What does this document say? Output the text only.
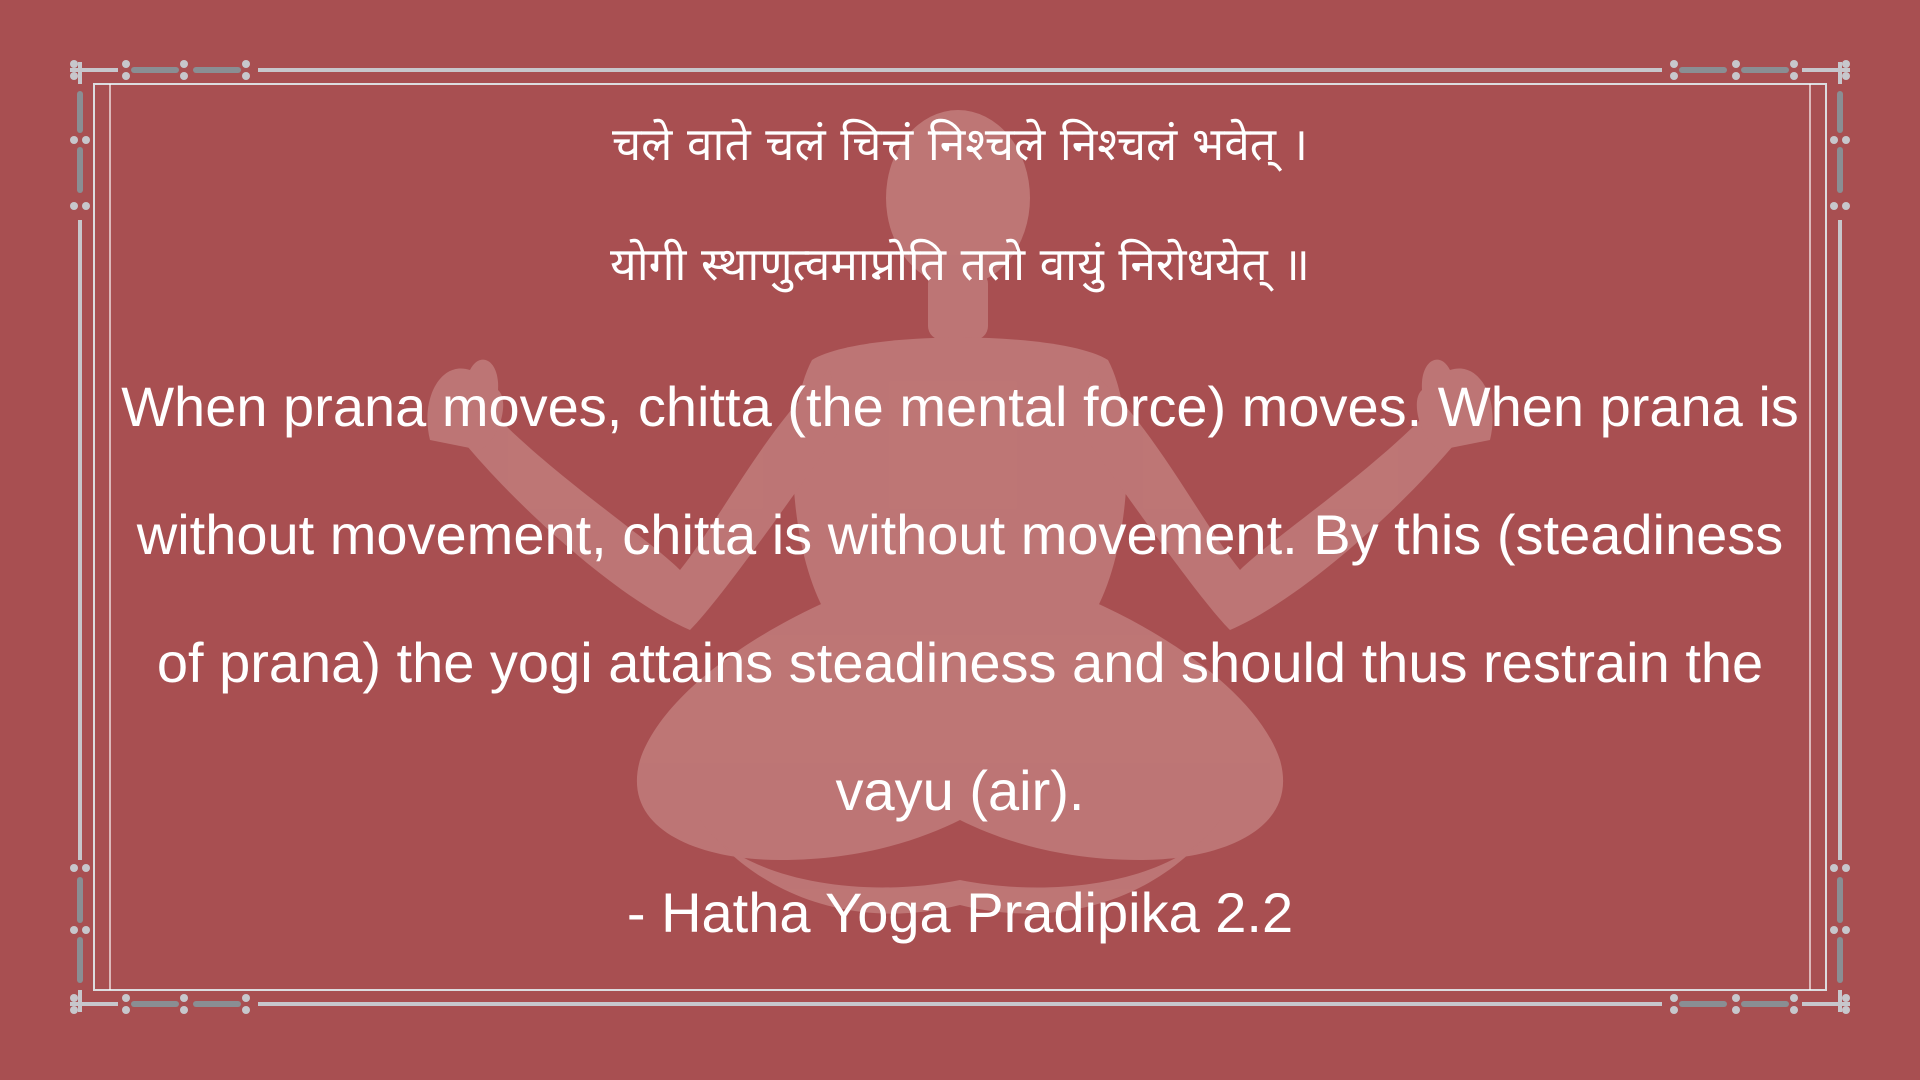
चले वाते चलं चित्तं निश्चले निश्चलं भवेत् ।

योगी स्थाणुत्वमाप्नोति ततो वायुं निरोधयेत् ॥

When prana moves, chitta (the mental force) moves. When prana is without movement, chitta is without movement. By this (steadiness of prana) the yogi attains steadiness and should thus restrain the vayu (air).

- Hatha Yoga Pradipika 2.2
